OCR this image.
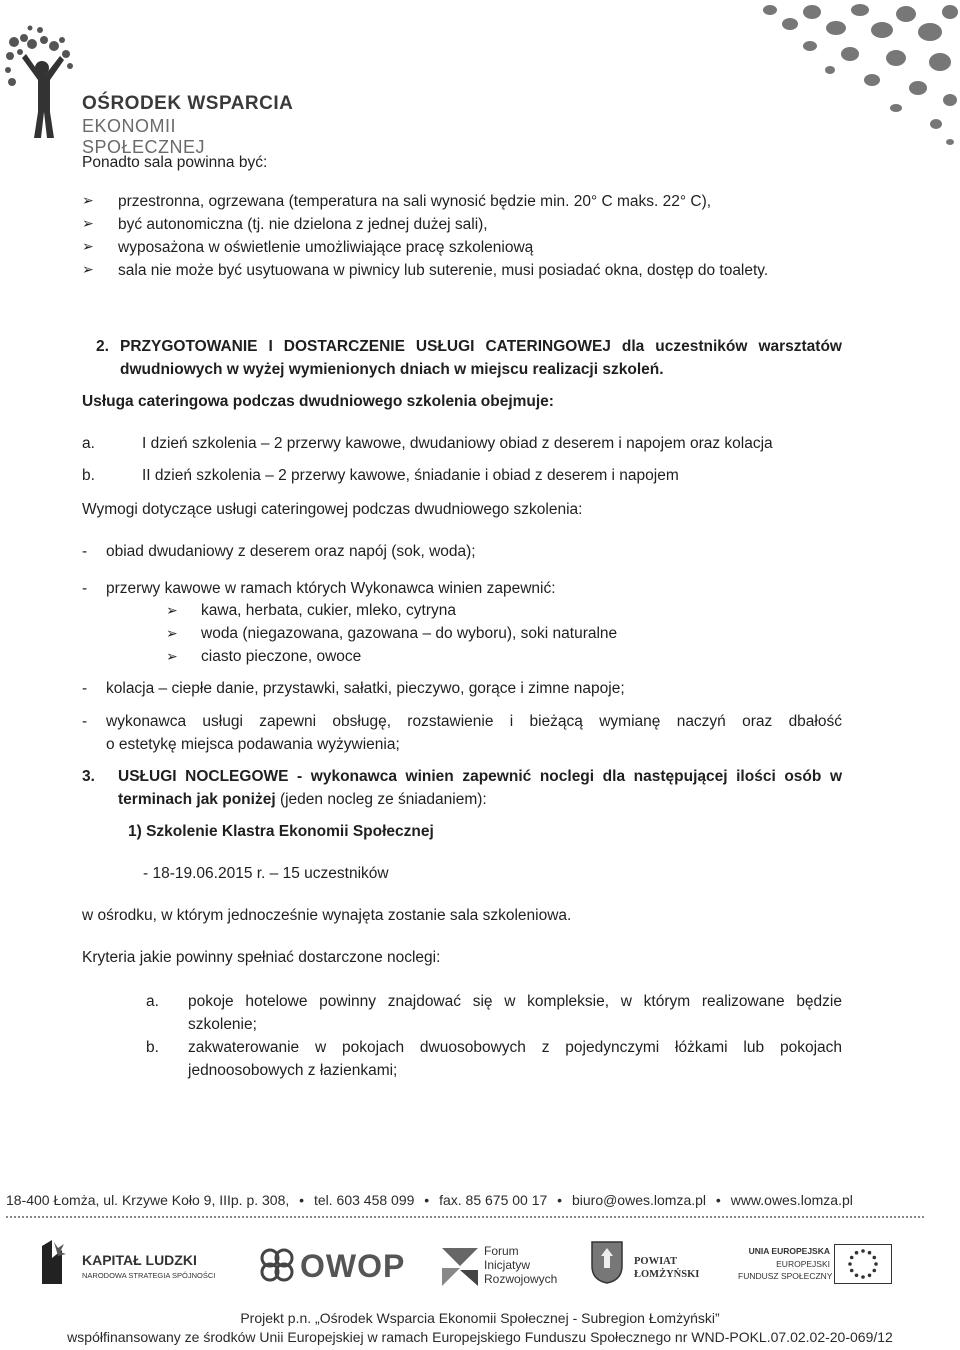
OŚRODEK WSPARCIA
EKONOMII SPOŁECZNEJ
Ponadto sala powinna być:
➢ przestronna, ogrzewana (temperatura na sali wynosić będzie min. 20° C maks. 22° C),
➢ być autonomiczna (tj. nie dzielona z jednej dużej sali),
➢ wyposażona w oświetlenie umożliwiające pracę szkoleniową
➢ sala nie może być usytuowana w piwnicy lub suterenie, musi posiadać okna, dostęp do toalety.
2. PRZYGOTOWANIE I DOSTARCZENIE USŁUGI CATERINGOWEJ dla uczestników warsztatów
dwudniowych w wyżej wymienionych dniach w miejscu realizacji szkoleń.
Usługa cateringowa podczas dwudniowego szkolenia obejmuje:
a.	I dzień szkolenia – 2 przerwy kawowe, dwudaniowy obiad z deserem i napojem oraz kolacja
b.	II dzień szkolenia – 2 przerwy kawowe, śniadanie i obiad z deserem i napojem
Wymogi dotyczące usługi cateringowej podczas dwudniowego szkolenia:
- obiad dwudaniowy z deserem oraz napój (sok, woda);
- przerwy kawowe w ramach których Wykonawca winien zapewnić:
➢ kawa, herbata, cukier, mleko, cytryna
➢ woda (niegazowana, gazowana – do wyboru), soki naturalne
➢ ciasto pieczone, owoce
- kolacja – ciepłe danie, przystawki, sałatki, pieczywo, gorące i zimne napoje;
- wykonawca usługi zapewni obsługę, rozstawienie i bieżącą wymianę naczyń oraz dbałość
o estetykę miejsca podawania wyżywienia;
3. USŁUGI NOCLEGOWE - wykonawca winien zapewnić noclegi dla następującej ilości osób w
terminach jak poniżej (jeden nocleg ze śniadaniem):
1) Szkolenie Klastra Ekonomii Społecznej
- 18-19.06.2015 r. – 15 uczestników
w ośrodku, w którym jednocześnie wynajęta zostanie sala szkoleniowa.
Kryteria jakie powinny spełniać dostarczone noclegi:
a. pokoje hotelowe powinny znajdować się w kompleksie, w którym realizowane będzie
szkolenie;
b. zakwaterowanie w pokojach dwuosobowych z pojedynczymi łóżkami lub pokojach
jednoosobowych z łazienkami;
18-400 Łomża, ul. Krzywe Koło 9, IIIp. p. 308, • tel. 603 458 099 • fax. 85 675 00 17 • biuro@owes.lomza.pl • www.owes.lomza.pl
KAPITAŁ LUDZKI
NARODOWA STRATEGIA SPÓJNOŚCI	OWOP	Forum
Inicjatyw
Rozwojowych
POWIAT
ŁOMŻYŃSKI
UNIA EUROPEJSKA
EUROPEJSKI
FUNDUSZ SPOŁECZNY
Projekt p.n. „Ośrodek Wsparcia Ekonomii Społecznej - Subregion Łomżyński”
współfinansowany ze środków Unii Europejskiej w ramach Europejskiego Funduszu Społecznego nr WND-POKL.07.02.02-20-069/12
